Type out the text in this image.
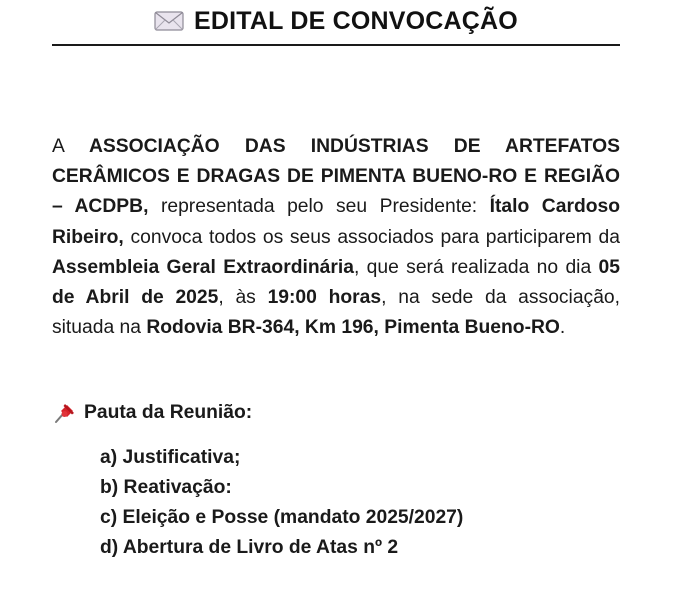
EDITAL DE CONVOCAÇÃO

A ASSOCIAÇÃO DAS INDÚSTRIAS DE ARTEFATOS CERÂMICOS E DRAGAS DE PIMENTA BUENO-RO E REGIÃO – ACDPB, representada pelo seu Presidente: Ítalo Cardoso Ribeiro, convoca todos os seus associados para participarem da Assembleia Geral Extraordinária, que será realizada no dia 05 de Abril de 2025, às 19:00 horas, na sede da associação, situada na Rodovia BR-364, Km 196, Pimenta Bueno-RO.

Pauta da Reunião:
a) Justificativa;
b) Reativação:
c) Eleição e Posse (mandato 2025/2027)
d) Abertura de Livro de Atas nº 2
